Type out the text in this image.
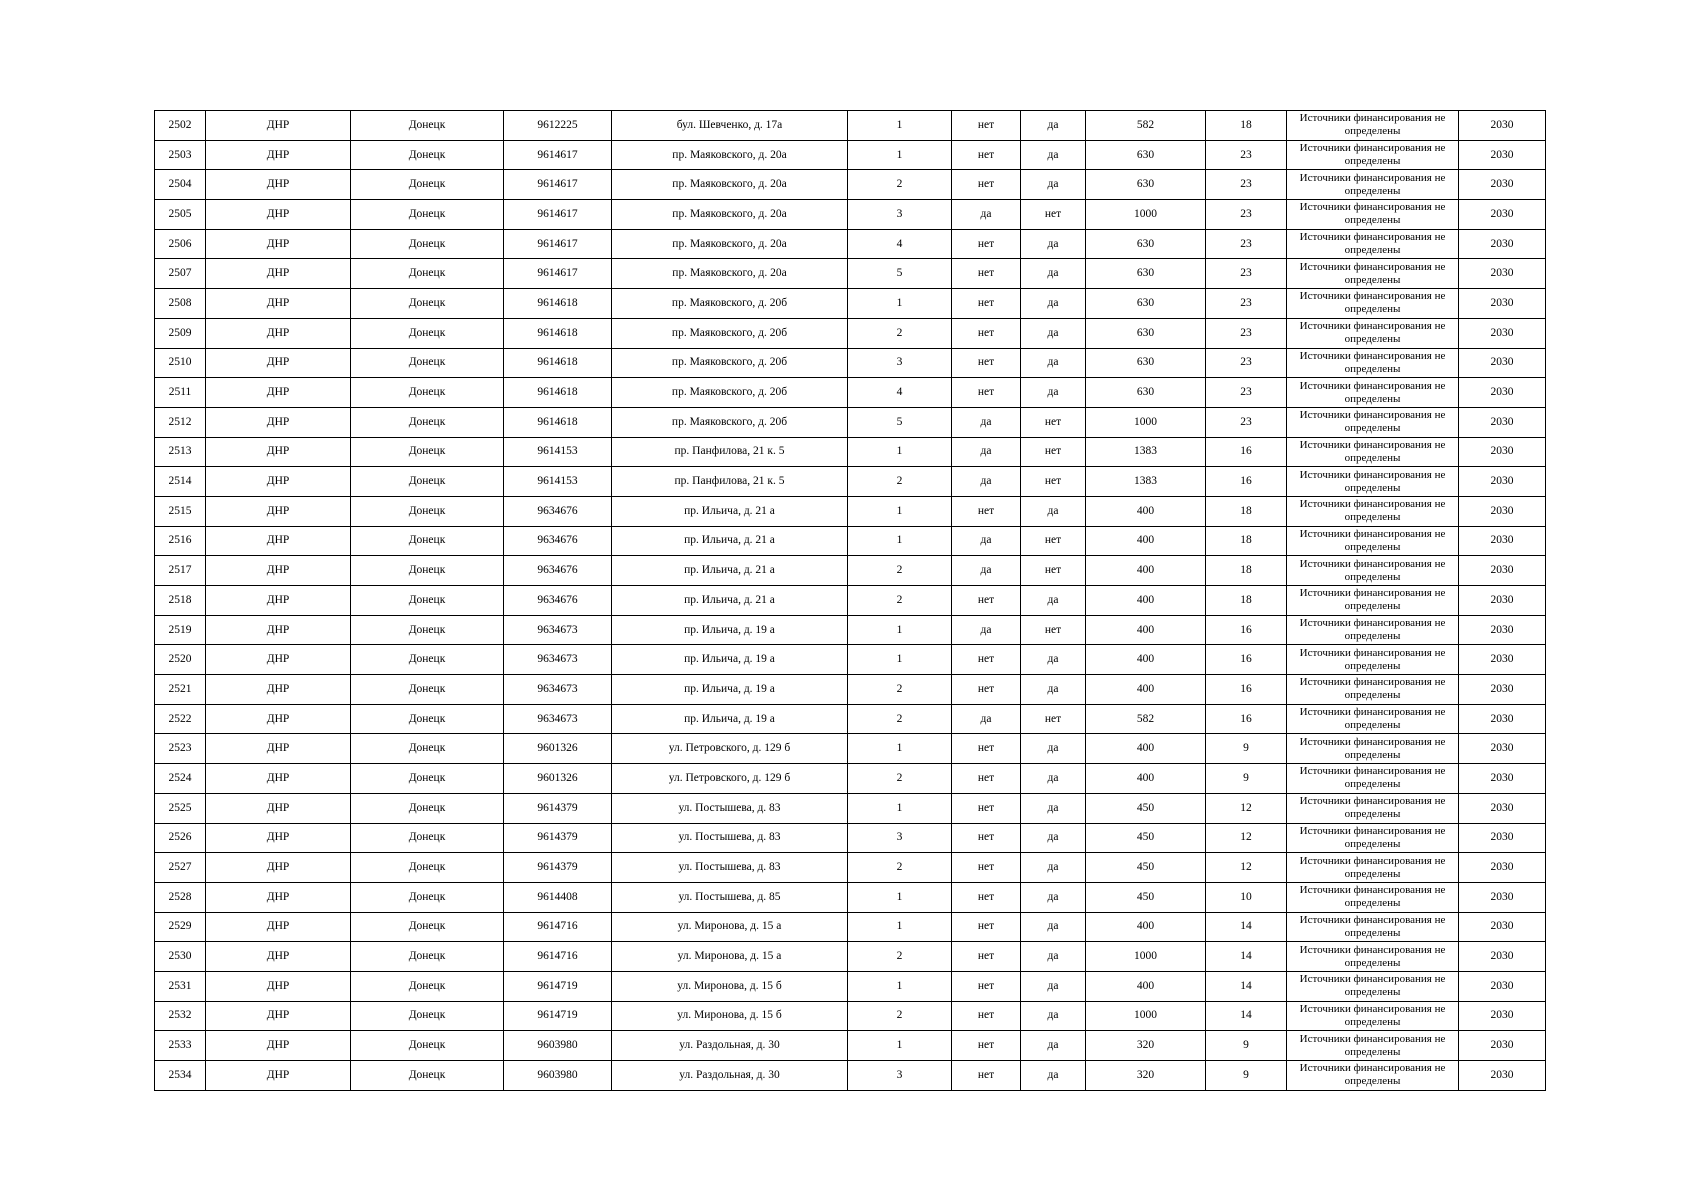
2502	ДНР	Донецк	9612225	бул. Шевченко, д. 17а	1	нет	да	582	18	Источники финансирования не определены	2030
2503	ДНР	Донецк	9614617	пр. Маяковского, д. 20а	1	нет	да	630	23	Источники финансирования не определены	2030
2504	ДНР	Донецк	9614617	пр. Маяковского, д. 20а	2	нет	да	630	23	Источники финансирования не определены	2030
2505	ДНР	Донецк	9614617	пр. Маяковского, д. 20а	3	да	нет	1000	23	Источники финансирования не определены	2030
2506	ДНР	Донецк	9614617	пр. Маяковского, д. 20а	4	нет	да	630	23	Источники финансирования не определены	2030
2507	ДНР	Донецк	9614617	пр. Маяковского, д. 20а	5	нет	да	630	23	Источники финансирования не определены	2030
2508	ДНР	Донецк	9614618	пр. Маяковского, д. 20б	1	нет	да	630	23	Источники финансирования не определены	2030
2509	ДНР	Донецк	9614618	пр. Маяковского, д. 20б	2	нет	да	630	23	Источники финансирования не определены	2030
2510	ДНР	Донецк	9614618	пр. Маяковского, д. 20б	3	нет	да	630	23	Источники финансирования не определены	2030
2511	ДНР	Донецк	9614618	пр. Маяковского, д. 20б	4	нет	да	630	23	Источники финансирования не определены	2030
2512	ДНР	Донецк	9614618	пр. Маяковского, д. 20б	5	да	нет	1000	23	Источники финансирования не определены	2030
2513	ДНР	Донецк	9614153	пр. Панфилова, 21 к. 5	1	да	нет	1383	16	Источники финансирования не определены	2030
2514	ДНР	Донецк	9614153	пр. Панфилова, 21 к. 5	2	да	нет	1383	16	Источники финансирования не определены	2030
2515	ДНР	Донецк	9634676	пр. Ильича, д. 21 а	1	нет	да	400	18	Источники финансирования не определены	2030
2516	ДНР	Донецк	9634676	пр. Ильича, д. 21 а	1	да	нет	400	18	Источники финансирования не определены	2030
2517	ДНР	Донецк	9634676	пр. Ильича, д. 21 а	2	да	нет	400	18	Источники финансирования не определены	2030
2518	ДНР	Донецк	9634676	пр. Ильича, д. 21 а	2	нет	да	400	18	Источники финансирования не определены	2030
2519	ДНР	Донецк	9634673	пр. Ильича, д. 19 а	1	да	нет	400	16	Источники финансирования не определены	2030
2520	ДНР	Донецк	9634673	пр. Ильича, д. 19 а	1	нет	да	400	16	Источники финансирования не определены	2030
2521	ДНР	Донецк	9634673	пр. Ильича, д. 19 а	2	нет	да	400	16	Источники финансирования не определены	2030
2522	ДНР	Донецк	9634673	пр. Ильича, д. 19 а	2	да	нет	582	16	Источники финансирования не определены	2030
2523	ДНР	Донецк	9601326	ул. Петровского, д. 129 б	1	нет	да	400	9	Источники финансирования не определены	2030
2524	ДНР	Донецк	9601326	ул. Петровского, д. 129 б	2	нет	да	400	9	Источники финансирования не определены	2030
2525	ДНР	Донецк	9614379	ул. Постышева, д. 83	1	нет	да	450	12	Источники финансирования не определены	2030
2526	ДНР	Донецк	9614379	ул. Постышева, д. 83	3	нет	да	450	12	Источники финансирования не определены	2030
2527	ДНР	Донецк	9614379	ул. Постышева, д. 83	2	нет	да	450	12	Источники финансирования не определены	2030
2528	ДНР	Донецк	9614408	ул. Постышева, д. 85	1	нет	да	450	10	Источники финансирования не определены	2030
2529	ДНР	Донецк	9614716	ул. Миронова, д. 15 а	1	нет	да	400	14	Источники финансирования не определены	2030
2530	ДНР	Донецк	9614716	ул. Миронова, д. 15 а	2	нет	да	1000	14	Источники финансирования не определены	2030
2531	ДНР	Донецк	9614719	ул. Миронова, д. 15 б	1	нет	да	400	14	Источники финансирования не определены	2030
2532	ДНР	Донецк	9614719	ул. Миронова, д. 15 б	2	нет	да	1000	14	Источники финансирования не определены	2030
2533	ДНР	Донецк	9603980	ул. Раздольная, д. 30	1	нет	да	320	9	Источники финансирования не определены	2030
2534	ДНР	Донецк	9603980	ул. Раздольная, д. 30	3	нет	да	320	9	Источники финансирования не определены	2030
